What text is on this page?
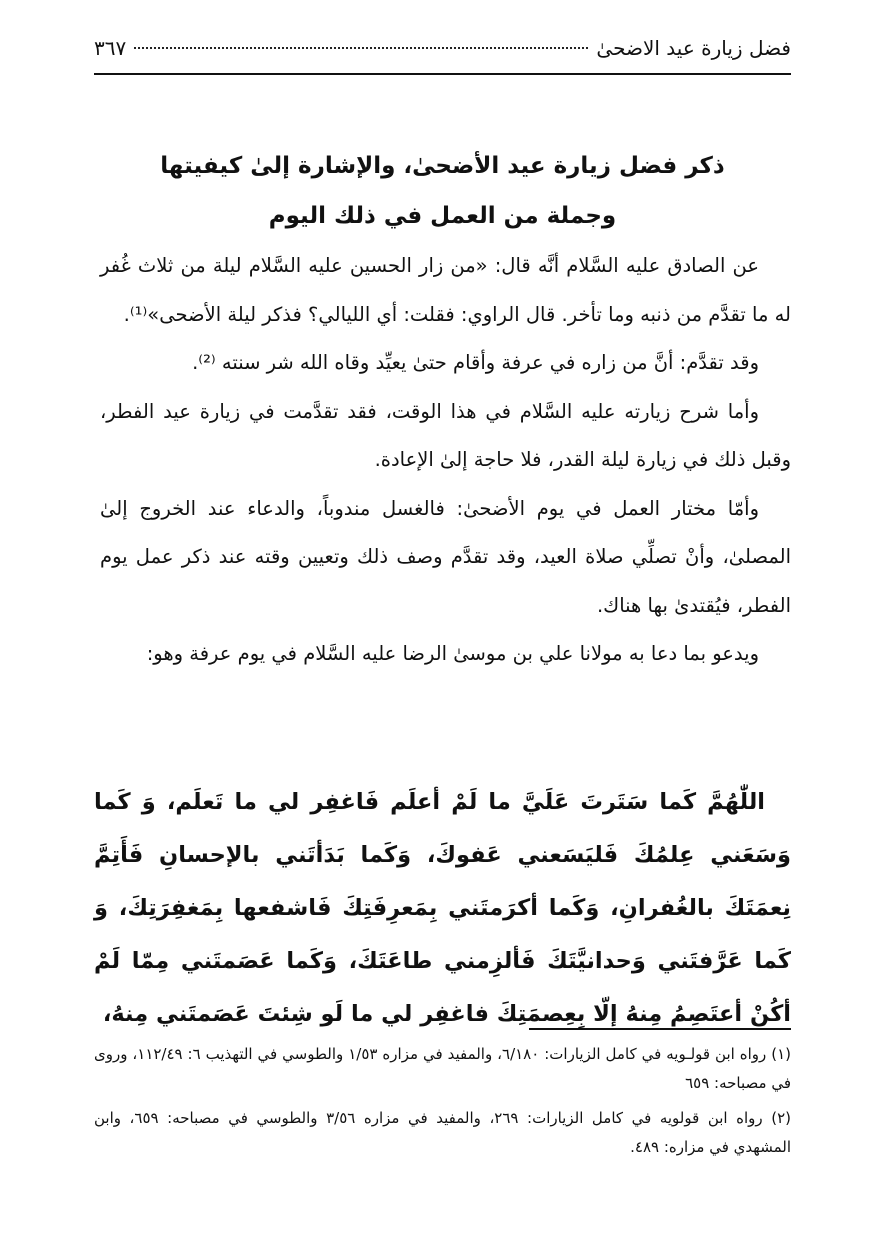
فضل زيارة عيد الاضحىٰ
٣٦٧
ذكر فضل زيارة عيد الأضحىٰ، والإشارة إلىٰ كيفيتها
وجملة من العمل في ذلك اليوم

عن الصادق عليه السَّلام أنَّه قال: «من زار الحسين عليه السَّلام ليلة من ثلاث غُفر له ما تقدَّم من ذنبه وما تأخر. قال الراوي: فقلت: أي الليالي؟ فذكر ليلة الأضحى»⁽¹⁾.

وقد تقدَّم: أنَّ من زاره في عرفة وأقام حتىٰ يعيِّد وقاه الله شر سنته ⁽²⁾.

وأما شرح زيارته عليه السَّلام في هذا الوقت، فقد تقدَّمت في زيارة عيد الفطر، وقبل ذلك في زيارة ليلة القدر، فلا حاجة إلىٰ الإعادة.

وأمّا مختار العمل في يوم الأضحىٰ: فالغسل مندوباً، والدعاء عند الخروج إلىٰ المصلىٰ، وأنْ تصلِّي صلاة العيد، وقد تقدَّم وصف ذلك وتعيين وقته عند ذكر عمل يوم الفطر، فيُقتدىٰ بها هناك.

ويدعو بما دعا به مولانا علي بن موسىٰ الرضا عليه السَّلام في يوم عرفة وهو:

اللّٰهُمَّ كَما سَتَرتَ عَلَيَّ ما لَمْ أعلَم فَاغفِر لي ما تَعلَم، وَ كَما وَسَعَني عِلمُكَ فَليَسَعني عَفوكَ، وَكَما بَدَأتَني بالإحسانِ فَأَتِمَّ نِعمَتَكَ بالغُفرانِ، وَكَما أكرَمتَني بِمَعرِفَتِكَ فَاشفعها بِمَغفِرَتِكَ، وَ كَما عَرَّفتَني وَحدانيَّتَكَ فَألزِمني طاعَتَكَ، وَكَما عَصَمتَني مِمّا لَمْ أكُنْ أعتَصِمُ مِنهُ إلّا بِعِصمَتِكَ فاغفِر لي ما لَو شِئتَ عَصَمتَني مِنهُ،

(١) رواه ابن قولـويه في كامل الزيارات: ٦/١٨٠، والمفيد في مزاره ١/٥٣ والطوسي في التهذيب ٦: ١١٢/٤٩، وروى في مصباحه: ٦٥٩

(٢) رواه ابن قولويه في كامل الزيارات: ٢٦٩، والمفيد في مزاره ٣/٥٦ والطوسي في مصباحه: ٦٥٩، وابن المشهدي في مزاره: ٤٨٩.
